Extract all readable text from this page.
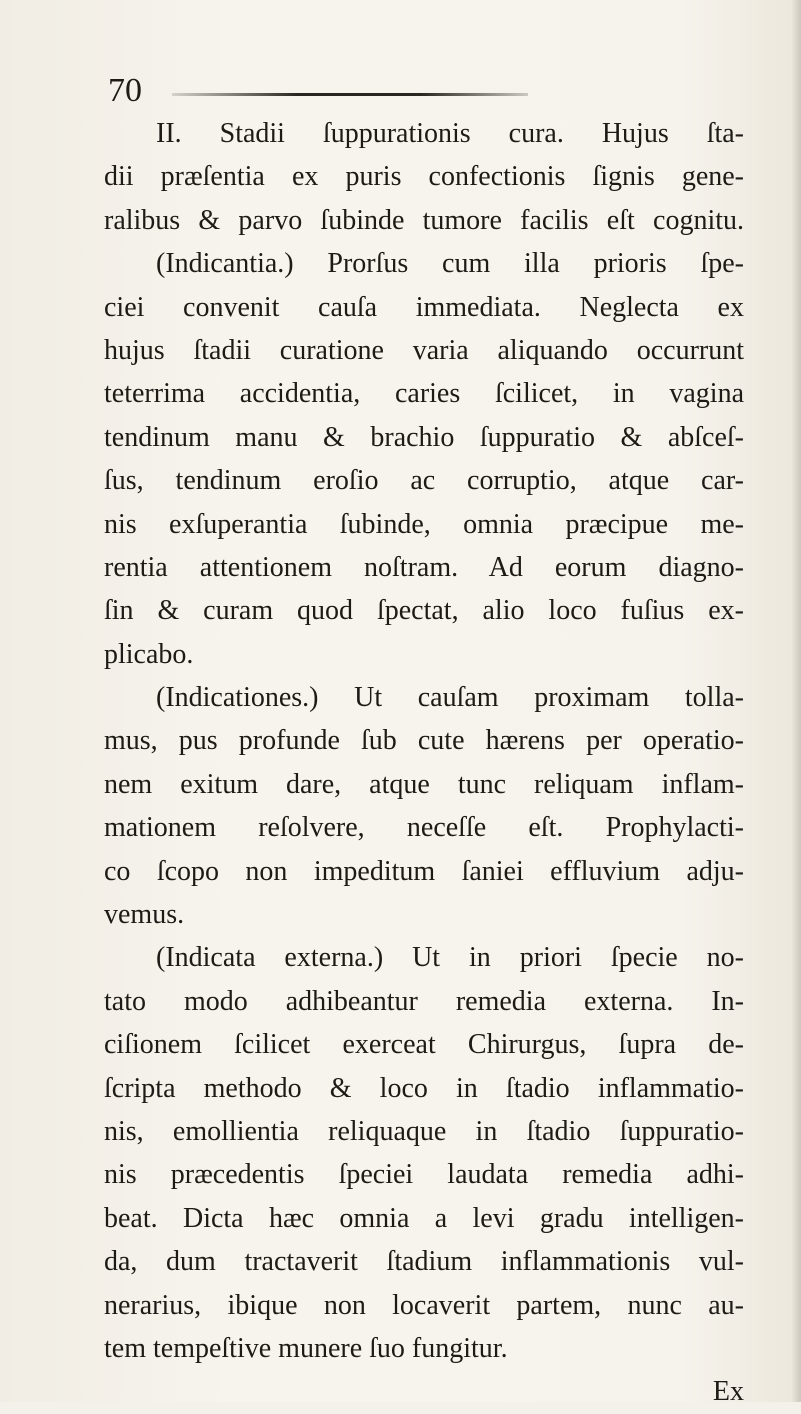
70
II. Stadii ſuppurationis cura. Hujus ſta-
dii præſentia ex puris confectionis ſignis gene-
ralibus & parvo ſubinde tumore facilis eſt cognitu.
(Indicantia.) Prorſus cum illa prioris ſpe-
ciei convenit cauſa immediata. Neglecta ex
hujus ſtadii curatione varia aliquando occurrunt
teterrima accidentia, caries ſcilicet, in vagina
tendinum manu & brachio ſuppuratio & abſceſ-
ſus, tendinum eroſio ac corruptio, atque car-
nis exſuperantia ſubinde, omnia præcipue me-
rentia attentionem noſtram. Ad eorum diagno-
ſin & curam quod ſpectat, alio loco fuſius ex-
plicabo.
(Indicationes.) Ut cauſam proximam tolla-
mus, pus profunde ſub cute hærens per operatio-
nem exitum dare, atque tunc reliquam inflam-
mationem reſolvere, neceſſe eſt. Prophylacti-
co ſcopo non impeditum ſaniei effluvium adju-
vemus.
(Indicata externa.) Ut in priori ſpecie no-
tato modo adhibeantur remedia externa. In-
ciſionem ſcilicet exerceat Chirurgus, ſupra de-
ſcripta methodo & loco in ſtadio inflammatio-
nis, emollientia reliquaque in ſtadio ſuppuratio-
nis præcedentis ſpeciei laudata remedia adhi-
beat. Dicta hæc omnia a levi gradu intelligen-
da, dum tractaverit ſtadium inflammationis vul-
nerarius, ibique non locaverit partem, nunc au-
tem tempeſtive munere ſuo fungitur.
Ex
